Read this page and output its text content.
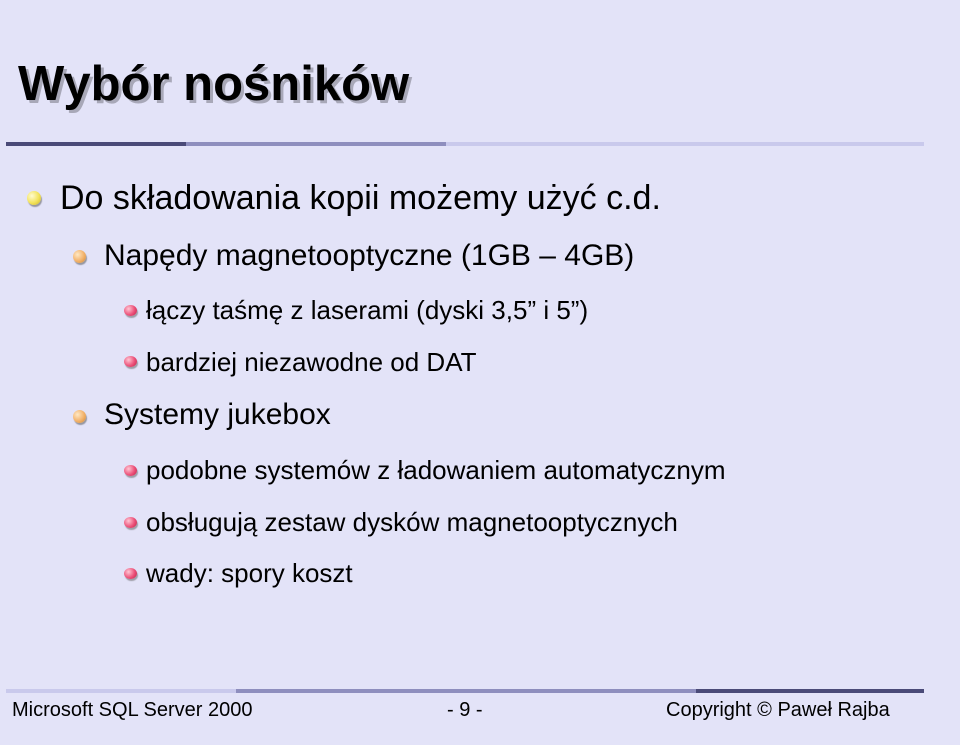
Wybór nośników
Do składowania kopii możemy użyć c.d.
Napędy magnetooptyczne (1GB – 4GB)
łączy taśmę z laserami (dyski 3,5” i 5”)
bardziej niezawodne od DAT
Systemy jukebox
podobne systemów z ładowaniem automatycznym
obsługują zestaw dysków magnetooptycznych
wady: spory koszt
Microsoft SQL Server 2000	- 9 -	Copyright © Paweł Rajba
